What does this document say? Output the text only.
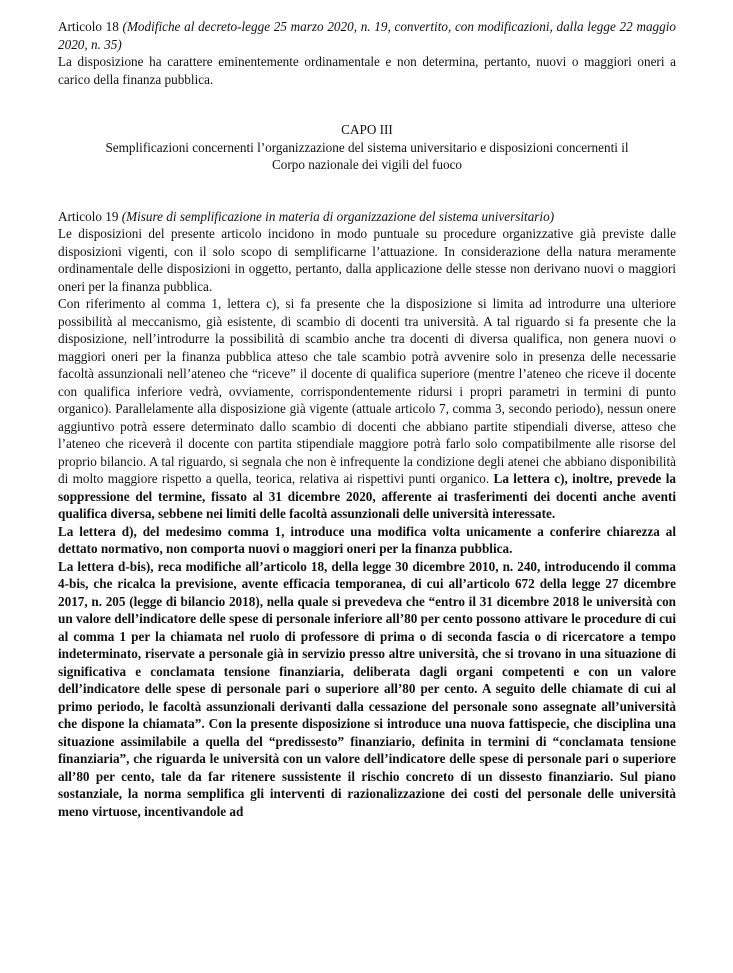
Articolo 18 (Modifiche al decreto-legge 25 marzo 2020, n. 19, convertito, con modificazioni, dalla legge 22 maggio 2020, n. 35)

La disposizione ha carattere eminentemente ordinamentale e non determina, pertanto, nuovi o maggiori oneri a carico della finanza pubblica.

CAPO III

Semplificazioni concernenti l’organizzazione del sistema universitario e disposizioni concernenti il

Corpo nazionale dei vigili del fuoco

Articolo 19 (Misure di semplificazione in materia di organizzazione del sistema universitario)

Le disposizioni del presente articolo incidono in modo puntuale su procedure organizzative già previste dalle disposizioni vigenti, con il solo scopo di semplificarne l’attuazione. In considerazione della natura meramente ordinamentale delle disposizioni in oggetto, pertanto, dalla applicazione delle stesse non derivano nuovi o maggiori oneri per la finanza pubblica.

Con riferimento al comma 1, lettera c), si fa presente che la disposizione si limita ad introdurre una ulteriore possibilità al meccanismo, già esistente, di scambio di docenti tra università. A tal riguardo si fa presente che la disposizione, nell’introdurre la possibilità di scambio anche tra docenti di diversa qualifica, non genera nuovi o maggiori oneri per la finanza pubblica atteso che tale scambio potrà avvenire solo in presenza delle necessarie facoltà assunzionali nell’ateneo che “riceve” il docente di qualifica superiore (mentre l’ateneo che riceve il docente con qualifica inferiore vedrà, ovviamente, corrispondentemente ridursi i propri parametri in termini di punto organico). Parallelamente alla disposizione già vigente (attuale articolo 7, comma 3, secondo periodo), nessun onere aggiuntivo potrà essere determinato dallo scambio di docenti che abbiano partite stipendiali diverse, atteso che l’ateneo che riceverà il docente con partita stipendiale maggiore potrà farlo solo compatibilmente alle risorse del proprio bilancio. A tal riguardo, si segnala che non è infrequente la condizione degli atenei che abbiano disponibilità di molto maggiore rispetto a quella, teorica, relativa ai rispettivi punti organico. La lettera c), inoltre, prevede la soppressione del termine, fissato al 31 dicembre 2020, afferente ai trasferimenti dei docenti anche aventi qualifica diversa, sebbene nei limiti delle facoltà assunzionali delle università interessate.

La lettera d), del medesimo comma 1, introduce una modifica volta unicamente a conferire chiarezza al dettato normativo, non comporta nuovi o maggiori oneri per la finanza pubblica.

La lettera d-bis), reca modifiche all’articolo 18, della legge 30 dicembre 2010, n. 240, introducendo il comma 4-bis, che ricalca la previsione, avente efficacia temporanea, di cui all’articolo 672 della legge 27 dicembre 2017, n. 205 (legge di bilancio 2018), nella quale si prevedeva che “entro il 31 dicembre 2018 le università con un valore dell’indicatore delle spese di personale inferiore all’80 per cento possono attivare le procedure di cui al comma 1 per la chiamata nel ruolo di professore di prima o di seconda fascia o di ricercatore a tempo indeterminato, riservate a personale già in servizio presso altre università, che si trovano in una situazione di significativa e conclamata tensione finanziaria, deliberata dagli organi competenti e con un valore dell’indicatore delle spese di personale pari o superiore all’80 per cento. A seguito delle chiamate di cui al primo periodo, le facoltà assunzionali derivanti dalla cessazione del personale sono assegnate all’università che dispone la chiamata”. Con la presente disposizione si introduce una nuova fattispecie, che disciplina una situazione assimilabile a quella del “predissesto” finanziario, definita in termini di “conclamata tensione finanziaria”, che riguarda le università con un valore dell’indicatore delle spese di personale pari o superiore all’80 per cento, tale da far ritenere sussistente il rischio concreto di un dissesto finanziario. Sul piano sostanziale, la norma semplifica gli interventi di razionalizzazione dei costi del personale delle università meno virtuose, incentivandole ad
